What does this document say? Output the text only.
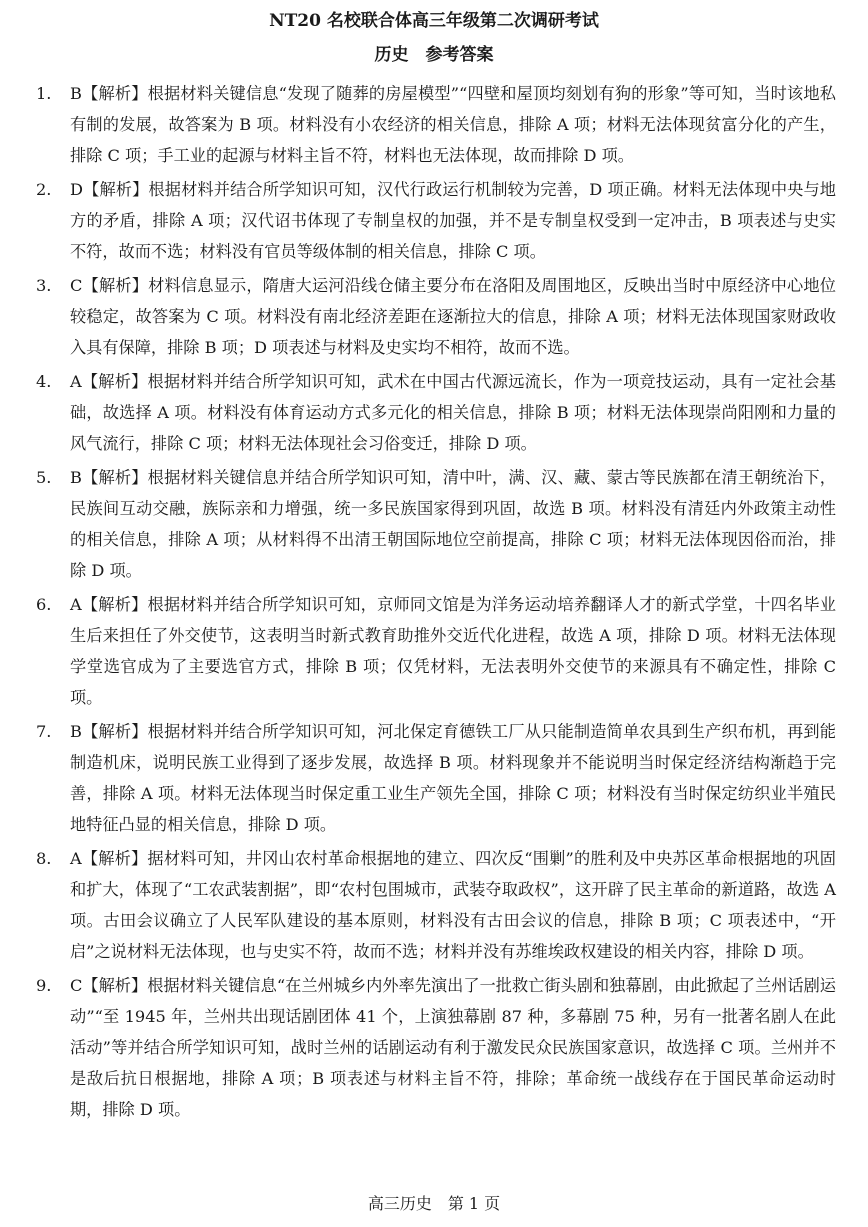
NT20 名校联合体高三年级第二次调研考试
历史　参考答案
1.	B【解析】根据材料关键信息“发现了随葬的房屋模型”“四壁和屋顶均刻划有狗的形象”等可知，当时该地私有制的发展，故答案为 B 项。材料没有小农经济的相关信息，排除 A 项；材料无法体现贫富分化的产生，排除 C 项；手工业的起源与材料主旨不符，材料也无法体现，故而排除 D 项。
2.	D【解析】根据材料并结合所学知识可知，汉代行政运行机制较为完善，D 项正确。材料无法体现中央与地方的矛盾，排除 A 项；汉代诏书体现了专制皇权的加强，并不是专制皇权受到一定冲击，B 项表述与史实不符，故而不选；材料没有官员等级体制的相关信息，排除 C 项。
3.	C【解析】材料信息显示，隋唐大运河沿线仓储主要分布在洛阳及周围地区，反映出当时中原经济中心地位较稳定，故答案为 C 项。材料没有南北经济差距在逐渐拉大的信息，排除 A 项；材料无法体现国家财政收入具有保障，排除 B 项；D 项表述与材料及史实均不相符，故而不选。
4.	A【解析】根据材料并结合所学知识可知，武术在中国古代源远流长，作为一项竞技运动，具有一定社会基础，故选择 A 项。材料没有体育运动方式多元化的相关信息，排除 B 项；材料无法体现崇尚阳刚和力量的风气流行，排除 C 项；材料无法体现社会习俗变迁，排除 D 项。
5.	B【解析】根据材料关键信息并结合所学知识可知，清中叶，满、汉、藏、蒙古等民族都在清王朝统治下，民族间互动交融，族际亲和力增强，统一多民族国家得到巩固，故选 B 项。材料没有清廷内外政策主动性的相关信息，排除 A 项；从材料得不出清王朝国际地位空前提高，排除 C 项；材料无法体现因俗而治，排除 D 项。
6.	A【解析】根据材料并结合所学知识可知，京师同文馆是为洋务运动培养翻译人才的新式学堂，十四名毕业生后来担任了外交使节，这表明当时新式教育助推外交近代化进程，故选 A 项，排除 D 项。材料无法体现学堂选官成为了主要选官方式，排除 B 项；仅凭材料，无法表明外交使节的来源具有不确定性，排除 C 项。
7.	B【解析】根据材料并结合所学知识可知，河北保定育德铁工厂从只能制造简单农具到生产织布机，再到能制造机床，说明民族工业得到了逐步发展，故选择 B 项。材料现象并不能说明当时保定经济结构渐趋于完善，排除 A 项。材料无法体现当时保定重工业生产领先全国，排除 C 项；材料没有当时保定纺织业半殖民地特征凸显的相关信息，排除 D 项。
8.	A【解析】据材料可知，井冈山农村革命根据地的建立、四次反“围剿”的胜利及中央苏区革命根据地的巩固和扩大，体现了“工农武装割据”，即“农村包围城市，武装夺取政权”，这开辟了民主革命的新道路，故选 A 项。古田会议确立了人民军队建设的基本原则，材料没有古田会议的信息，排除 B 项；C 项表述中，“开启”之说材料无法体现，也与史实不符，故而不选；材料并没有苏维埃政权建设的相关内容，排除 D 项。
9.	C【解析】根据材料关键信息“在兰州城乡内外率先演出了一批救亡街头剧和独幕剧，由此掀起了兰州话剧运动”“至 1945 年，兰州共出现话剧团体 41 个，上演独幕剧 87 种，多幕剧 75 种，另有一批著名剧人在此活动”等并结合所学知识可知，战时兰州的话剧运动有利于激发民众民族国家意识，故选择 C 项。兰州并不是敌后抗日根据地，排除 A 项；B 项表述与材料主旨不符，排除；革命统一战线存在于国民革命运动时期，排除 D 项。
高三历史　第 1 页
